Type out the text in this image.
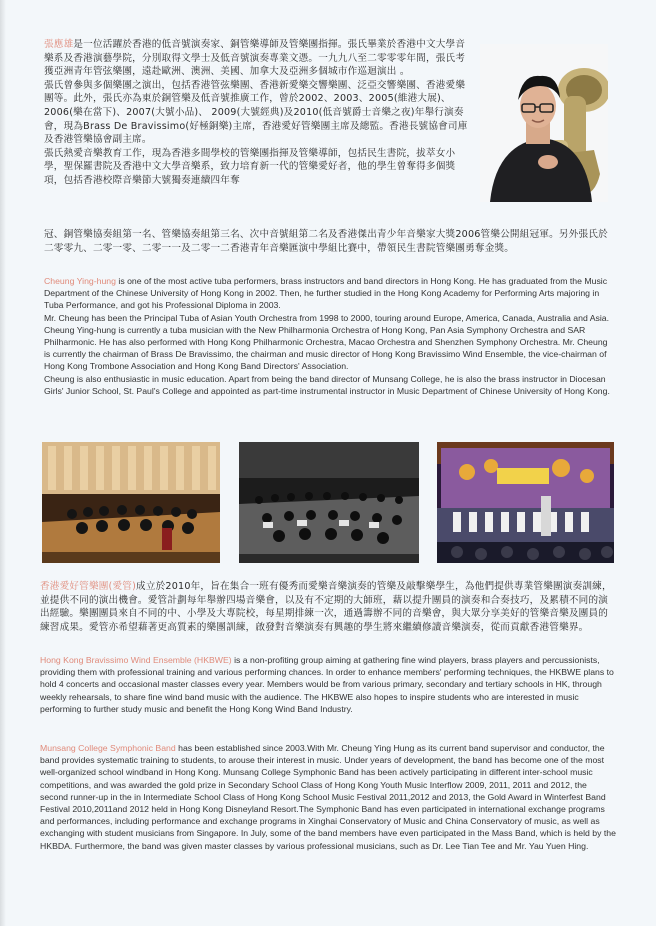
張應雄是一位活躍於香港的低音號演奏家、銅管樂導師及管樂團指揮。張氏畢業於香港中文大學音樂系及香港演藝學院，分別取得文學士及低音號演奏專業文憑。一九九八至二零零零年間，張氏考獲亞洲青年管弦樂團，遠赴歐洲、澳洲、美國、加拿大及亞洲多個城市作巡迴演出 。

張氏曾參與多個樂團之演出，包括香港管弦樂團、香港新愛樂交響樂團、泛亞交響樂團、香港愛樂團等。此外，張氏亦為東於銅管樂及低音號推廣工作，曾於2002、2003、2005(維港大展)、2006(樂在當下)、2007(大號小品)、 2009(大號經典)及2010(低音號爵士音樂之夜)年舉行演奏會，現為Brass De Bravissimo(好極銅樂)主席，香港愛好管樂團主席及總監。香港長號協會司庫及香港管樂協會副主席。

張氏熱愛音樂教育工作，現為香港多間學校的管樂團指揮及管樂導師，包括民生書院，拔萃女小學，聖保羅書院及香港中文大學音樂系，致力培育新一代的管樂愛好者，他的學生曾奪得多個獎項，包括香港校際音樂節大號獨奏連續四年奪

冠、銅管樂協奏組第一名、管樂協奏組第三名、次中音號組第二名及香港傑出青少年音樂家大獎2006管樂公開組冠軍。另外張氏於二零零九、二零一零、二零一一及二零一二香港青年音樂匯演中學組比賽中，帶領民生書院管樂團勇奪金獎。

Cheung Ying-hung is one of the most active tuba performers, brass instructors and band directors in Hong Kong. He has graduated from the Music Department of the Chinese University of Hong Kong in 2002. Then, he further studied in the Hong Kong Academy for Performing Arts majoring in Tuba Performance, and got his Professional Diploma in 2003.

Mr. Cheung has been the Principal Tuba of Asian Youth Orchestra from 1998 to 2000, touring around Europe, America, Canada, Australia and Asia. Cheung Ying-hung is currently a tuba musician with the New Philharmonia Orchestra of Hong Kong, Pan Asia Symphony Orchestra and SAR Philharmonic. He has also performed with Hong Kong Philharmonic Orchestra, Macao Orchestra and Shenzhen Symphony Orchestra. Mr. Cheung is currently the chairman of Brass De Bravissimo, the chairman and music director of Hong Kong Bravissimo Wind Ensemble, the vice-chairman of Hong Kong Trombone Association and Hong Kong Band Directors' Association.

Cheung is also enthusiastic in music education. Apart from being the band director of Munsang College, he is also the brass instructor in Diocesan Girls' Junior School, St. Paul's College and appointed as part-time instrumental instructor in Music Department of Chinese University of Hong Kong.

香港愛好管樂團(愛管)成立於2010年，旨在集合一班有優秀而愛樂音樂演奏的管樂及敲擊樂學生，為他們提供專業管樂團演奏訓練，並提供不同的演出機會。愛管計劃每年舉辦四場音樂會，以及有不定期的大師班，藉以提升團員的演奏和合奏技巧，及累積不同的演出經驗。樂團團員來自不同的中、小學及大專院校，每星期排練一次，通過籌辦不同的音樂會，與大眾分享美好的管樂音樂及團員的練習成果。愛管亦希望藉著更高質素的樂團訓練，啟發對音樂演奏有興趣的學生將來繼續修讀音樂演奏，從而貢獻香港管樂界。

Hong Kong Bravissimo Wind Ensemble (HKBWE) is a non-profiting group aiming at gathering fine wind players, brass players and percussionists, providing them with professional training and various performing chances. In order to enhance members' performing techniques, the HKBWE plans to hold 4 concerts and occasional master classes every year. Members would be from various primary, secondary and tertiary schools in HK, through weekly rehearsals, to share fine wind band music with the audience. The HKBWE also hopes to inspire students who are interested in music performing to further study music and benefit the Hong Kong Wind Band Industry.

Munsang College Symphonic Band has been established since 2003.With Mr. Cheung Ying Hung as its current band supervisor and conductor, the band provides systematic training to students, to arouse their interest in music. Under years of development, the band has become one of the most well-organized school windband in Hong Kong. Munsang College Symphonic Band has been actively participating in different inter-school music competitions, and was awarded the gold prize in Secondary School Class of Hong Kong Youth Music Interflow 2009, 2011, 2011 and 2012, the second runner-up in the in Intermediate School Class of Hong Kong School Music Festival 2011,2012 and 2013, the Gold Award in Winterfest Band Festival 2010,2011and 2012 held in Hong Kong Disneyland Resort.The Symphonic Band has even participated in international exchange programs and performances, including performance and exchange programs in Xinghai Conservatory of Music and China Conservatory of music, as well as exchanging with student musicians from Singapore. In July, some of the band members have even participated in the Mass Band, which is held by the HKBDA. Furthermore, the band was given master classes by various professional musicians, such as Dr. Lee Tian Tee and Mr. Yau Yuen Hing.
